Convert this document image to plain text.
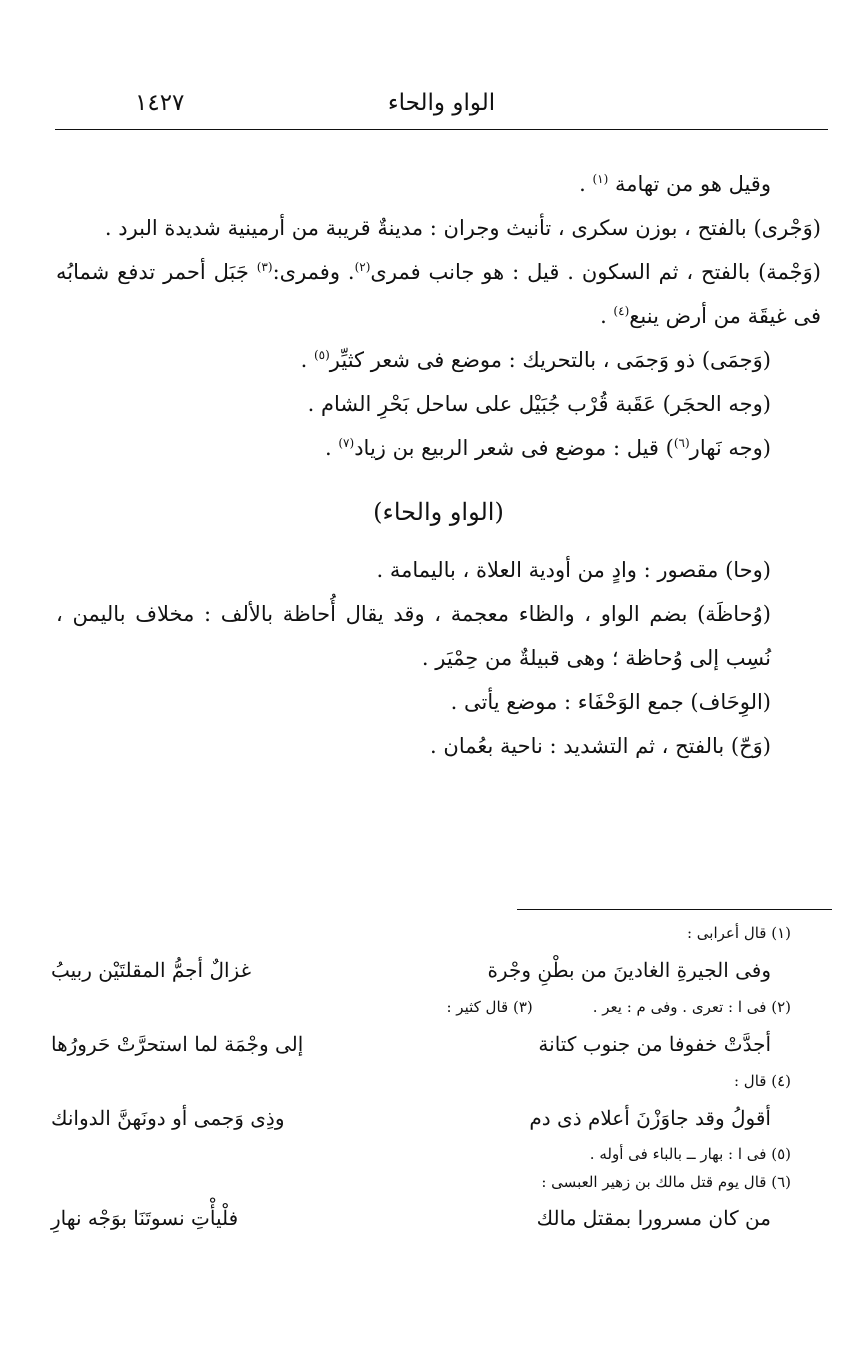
الواو والحاء
١٤٢٧

وقيل هو من تهامة $^{(١)}$ .

(وَجْرى) بالفتح ، بوزن سكرى ، تأنيث وجران : مدينةٌ قريبة من أرمينية شديدة البرد .

(وَجْمة) بالفتح ، ثم السكون . قيل : هو جانب فمرى$^{(٢)}$. وفمرى:$^{(٣)}$ جَبَل أحمر تدفع شمابُه فى غيقَة من أرض ينبع$^{(٤)}$ .

(وَجمَى) ذو وَجمَى ، بالتحريك : موضع فى شعر كثيِّر$^{(٥)}$ .

(وجه الحجَر) عَقَبة قُرْب جُبَيْل على ساحل بَحْرِ الشام .

(وجه نَهار$^{(٦)}$) قيل : موضع فى شعر الربيع بن زياد$^{(٧)}$ .

(الواو والحاء)

(وحا) مقصور : وادٍ من أودية العلاة ، باليمامة .

(وُحاظَة) بضم الواو ، والظاء معجمة ، وقد يقال أُحاظة بالألف : مخلاف باليمن ، نُسِب إلى وُحاظة ؛ وهى قبيلةٌ من حِمْيَر .

(الوِحَاف) جمع الوَحْفَاء : موضع يأتى .

(وَحّ) بالفتح ، ثم التشديد : ناحية بعُمان .

(١) قال أعرابى :

وفى الجيرةِ الغادينَ من بطْنِ وجْرة
غزالٌ أجمُّ المقلتَيْن ربيبُ
(٢) فى ا : تعرى . وفى م : يعر .
(٣) قال كثير :
أجدَّتْ خفوفا من جنوب كتانة
إلى وجْمَة لما استحرَّتْ حَرورُها

(٤) قال :

أقولُ وقد جاوَزْنَ أعلام ذى دم
وذِى وَجمى أو دونَهنَّ الدوانك

(٥) فى ا : بهار ــ بالباء فى أوله .

(٦) قال يوم قتل مالك بن زهير العبسى :

من كان مسرورا بمقتل مالك
فلْيأْتِ نسوتَنَا بوَجْه نهارِ
